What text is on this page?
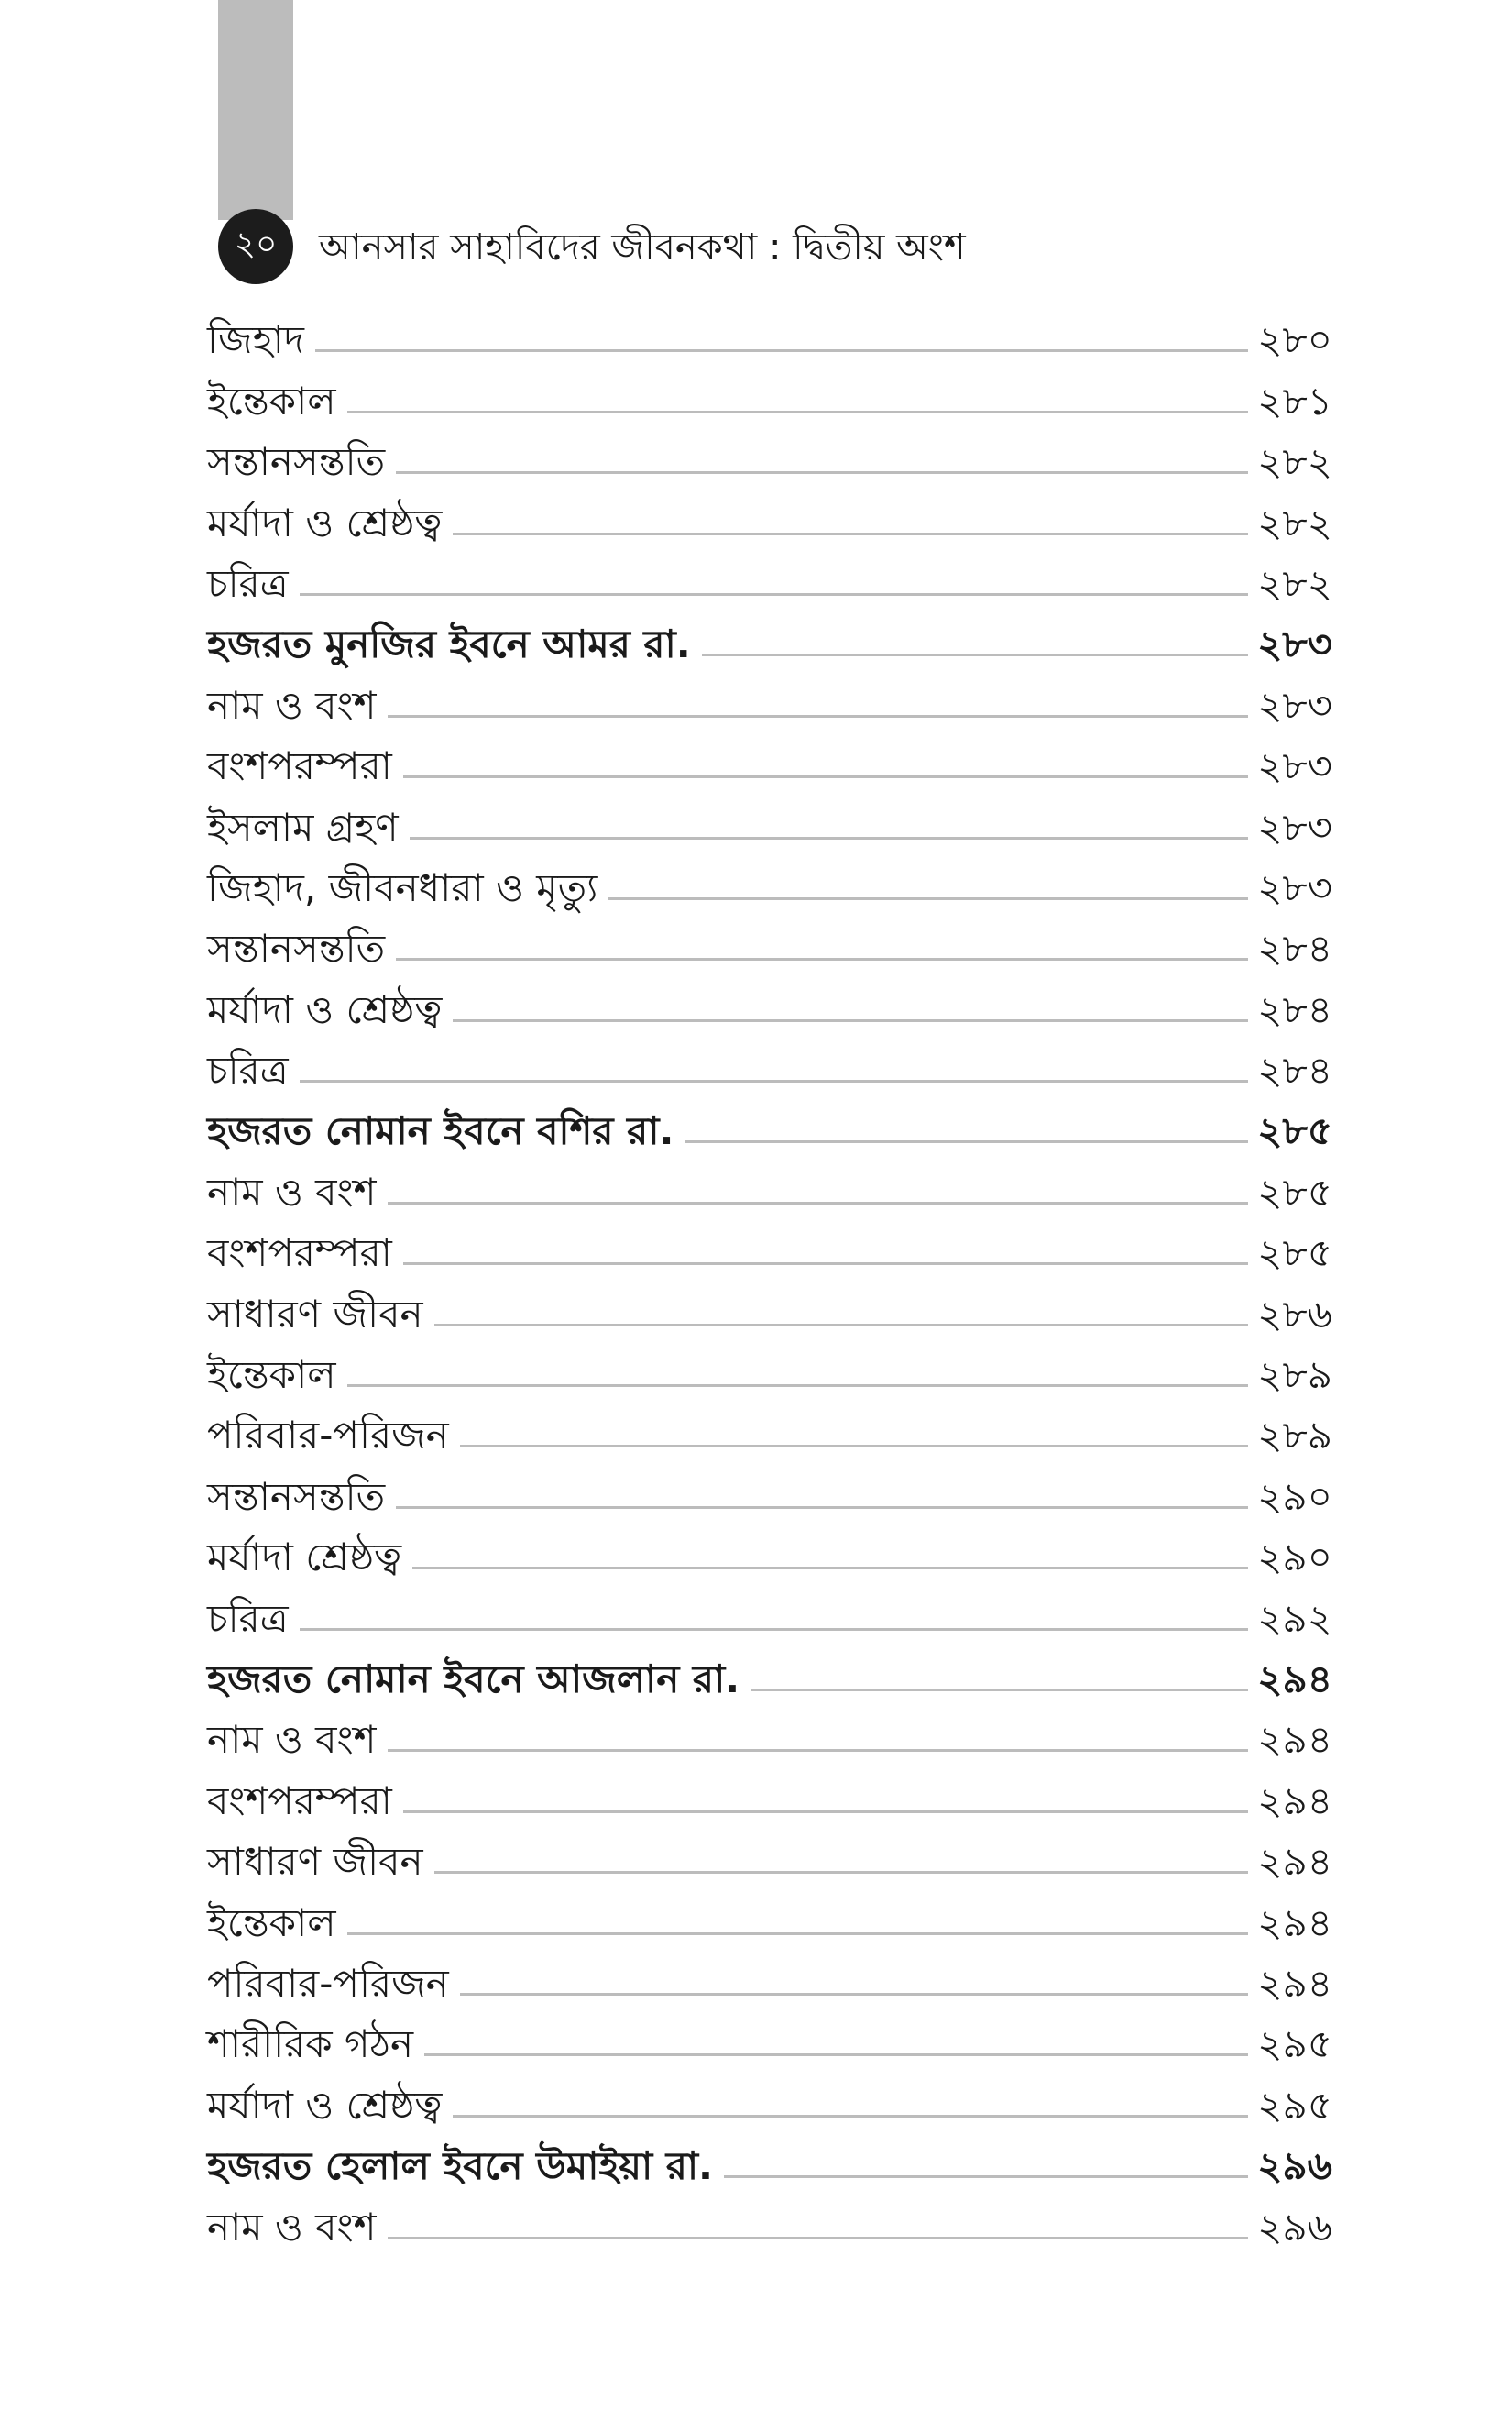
২০	আনসার সাহাবিদের জীবনকথা : দ্বিতীয় অংশ
জিহাদ	২৮০
ইন্তেকাল	২৮১
সন্তানসন্ততি	২৮২
মর্যাদা ও শ্রেষ্ঠত্ব	২৮২
চরিত্র	২৮২
হজরত মুনজির ইবনে আমর রা.	২৮৩
নাম ও বংশ	২৮৩
বংশপরম্পরা	২৮৩
ইসলাম গ্রহণ	২৮৩
জিহাদ, জীবনধারা ও মৃত্যু	২৮৩
সন্তানসন্ততি	২৮৪
মর্যাদা ও শ্রেষ্ঠত্ব	২৮৪
চরিত্র	২৮৪
হজরত নোমান ইবনে বশির রা.	২৮৫
নাম ও বংশ	২৮৫
বংশপরম্পরা	২৮৫
সাধারণ জীবন	২৮৬
ইন্তেকাল	২৮৯
পরিবার-পরিজন	২৮৯
সন্তানসন্ততি	২৯০
মর্যাদা শ্রেষ্ঠত্ব	২৯০
চরিত্র	২৯২
হজরত নোমান ইবনে আজলান রা.	২৯৪
নাম ও বংশ	২৯৪
বংশপরম্পরা	২৯৪
সাধারণ জীবন	২৯৪
ইন্তেকাল	২৯৪
পরিবার-পরিজন	২৯৪
শারীরিক গঠন	২৯৫
মর্যাদা ও শ্রেষ্ঠত্ব	২৯৫
হজরত হেলাল ইবনে উমাইয়া রা.	২৯৬
নাম ও বংশ	২৯৬
